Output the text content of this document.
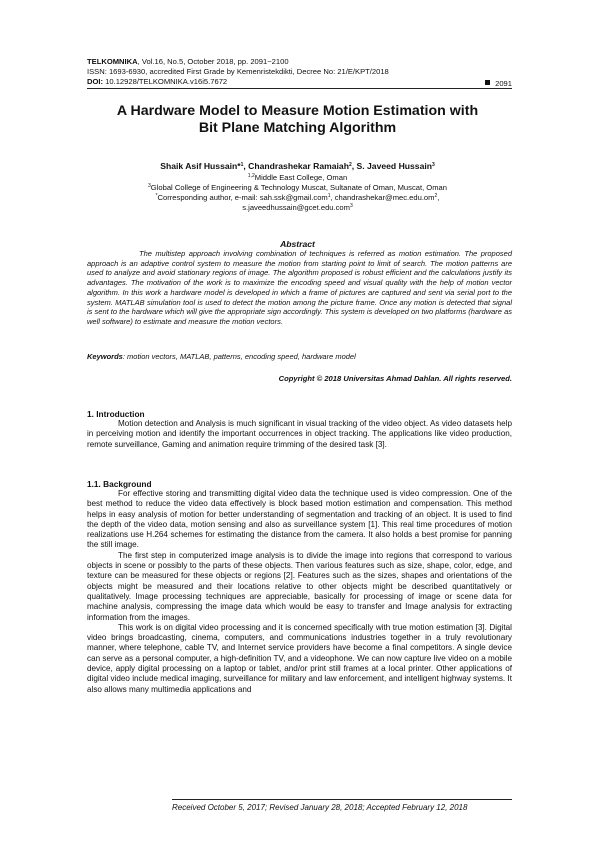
TELKOMNIKA, Vol.16, No.5, October 2018, pp. 2091~2100
ISSN: 1693-6930, accredited First Grade by Kemenristekdikti, Decree No: 21/E/KPT/2018
DOI: 10.12928/TELKOMNIKA.v16i5.7672	2091
A Hardware Model to Measure Motion Estimation with
Bit Plane Matching Algorithm
Shaik Asif Hussain*$^1$, Chandrashekar Ramaiah$^2$, S. Javeed Hussain$^3$
$^{1,2}$Middle East College, Oman
$^3$Global College of Engineering & Technology Muscat, Sultanate of Oman, Muscat, Oman
*Corresponding author, e-mail: sah.ssk@gmail.com$^1$, $chandrashekar@mec.edu.om^2$,
s.javeedhussain@gcet.edu.com$^3$
Abstract
The multistep approach involving combination of techniques is referred as motion estimation. The proposed approach is an adaptive control system to measure the motion from starting point to limit of search. The motion patterns are used to analyze and avoid stationary regions of image. The algorithm proposed is robust efficient and the calculations justify its advantages. The motivation of the work is to maximize the encoding speed and visual quality with the help of motion vector algorithm. In this work a hardware model is developed in which a frame of pictures are captured and sent via serial port to the system. MATLAB simulation tool is used to detect the motion among the picture frame. Once any motion is detected that signal is sent to the hardware which will give the appropriate sign accordingly. This system is developed on two platforms (hardware as well software) to estimate and measure the motion vectors.
Keywords: motion vectors, MATLAB, patterns, encoding speed, hardware model
Copyright © 2018 Universitas Ahmad Dahlan. All rights reserved.
1. Introduction

Motion detection and Analysis is much significant in visual tracking of the video object. As video datasets help in perceiving motion and identify the important occurrences in object tracking. The applications like video production, remote surveillance, Gaming and animation require trimming of the desired task [3].

1.1. Background

For effective storing and transmitting digital video data the technique used is video compression. One of the best method to reduce the video data effectively is block based motion estimation and compensation. This method helps in easy analysis of motion for better understanding of segmentation and tracking of an object. It is used to find the depth of the video data, motion sensing and also as surveillance system [1]. This real time procedures of motion realizations use H.264 schemes for estimating the distance from the camera. It also holds a best promise for panning the still image.

The first step in computerized image analysis is to divide the image into regions that correspond to various objects in scene or possibly to the parts of these objects. Then various features such as size, shape, color, edge, and texture can be measured for these objects or regions [2]. Features such as the sizes, shapes and orientations of the objects might be measured and their locations relative to other objects might be described quantitatively or qualitatively. Image processing techniques are appreciable, basically for processing of image or scene data for machine analysis, compressing the image data which would be easy to transfer and Image analysis for extracting information from the images.

This work is on digital video processing and it is concerned specifically with true motion estimation [3]. Digital video brings broadcasting, cinema, computers, and communications industries together in a truly revolutionary manner, where telephone, cable TV, and Internet service providers have become a final competitors. A single device can serve as a personal computer, a high-definition TV, and a videophone. We can now capture live video on a mobile device, apply digital processing on a laptop or tablet, and/or print still frames at a local printer. Other applications of digital video include medical imaging, surveillance for military and law enforcement, and intelligent highway systems. It also allows many multimedia applications and

Received October 5, 2017; Revised January 28, 2018; Accepted February 12, 2018
